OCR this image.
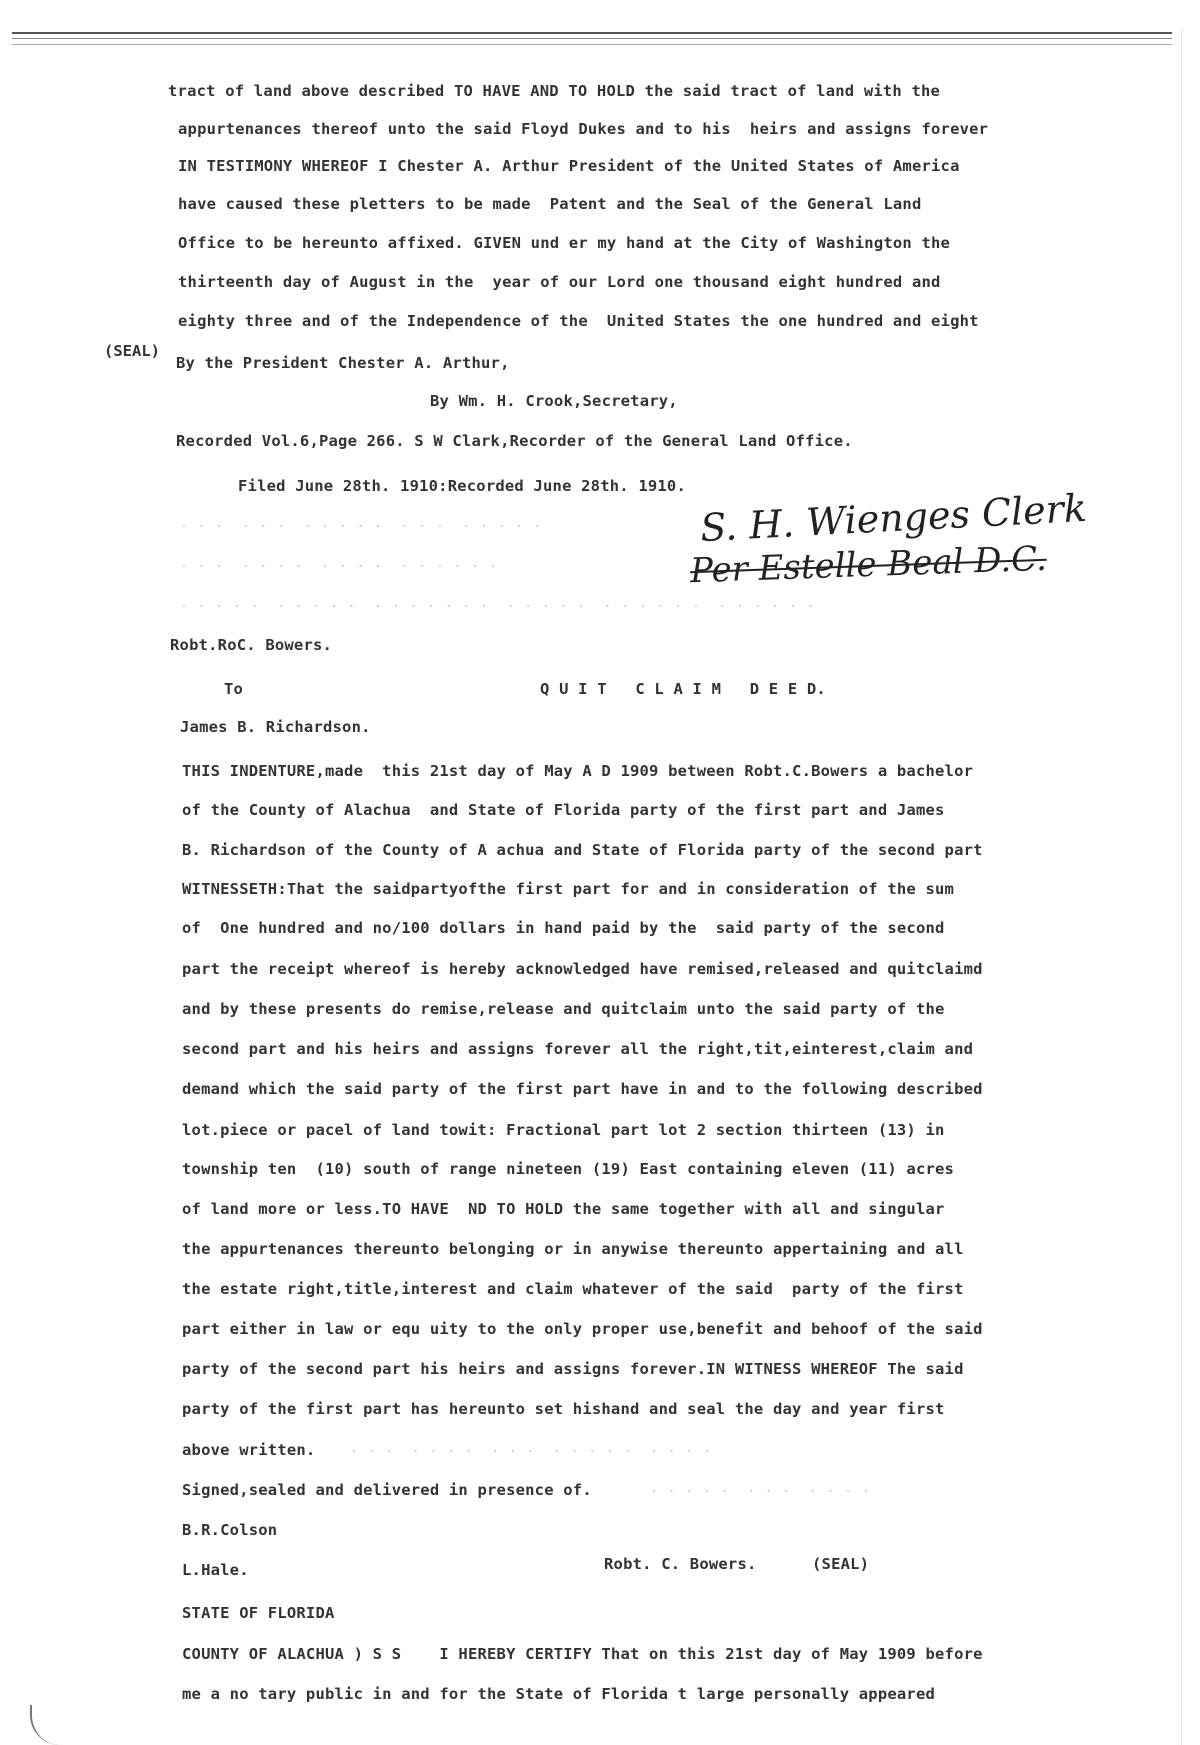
(SEAL)
tract of land above described TO HAVE AND TO HOLD the said tract of land with the
appurtenances thereof unto the said Floyd Dukes and to his  heirs and assigns forever
IN TESTIMONY WHEREOF I Chester A. Arthur President of the United States of America
have caused these pletters to be made  Patent and the Seal of the General Land
Office to be hereunto affixed. GIVEN und er my hand at the City of Washington the
thirteenth day of August in the  year of our Lord one thousand eight hundred and
eighty three and of the Independence of the  United States the one hundred and eight
By the President Chester A. Arthur,
By Wm. H. Crook,Secretary,
Recorded Vol.6,Page 266. S W Clark,Recorder of the General Land Office.
Filed June 28th. 1910:Recorded June 28th. 1910.
. . .  . . .  . . . . .  . . .  . . . . .
. . .  . . . .  . . . .  . . . . . .
. . . . .  . . . . .  . . . . . . .  . . . . .  . . . . . .  . . . . . .
S. H. Wienges Clerk
Per Estelle Beal D.C.
Robt.RoC. Bowers.
To	Q U I T   C L A I M   D E E D.
James B. Richardson.
THIS INDENTURE,made  this 21st day of May A D 1909 between Robt.C.Bowers a bachelor
of the County of Alachua  and State of Florida party of the first part and James
B. Richardson of the County of A achua and State of Florida party of the second part
WITNESSETH:That the saidpartyofthe first part for and in consideration of the sum
of  One hundred and no/100 dollars in hand paid by the  said party of the second
part the receipt whereof is hereby acknowledged have remised,released and quitclaimd
and by these presents do remise,release and quitclaim unto the said party of the
second part and his heirs and assigns forever all the right,tit,einterest,claim and
demand which the said party of the first part have in and to the following described
lot.piece or pacel of land towit: Fractional part lot 2 section thirteen (13) in
township ten  (10) south of range nineteen (19) East containing eleven (11) acres
of land more or less.TO HAVE  ND TO HOLD the same together with all and singular
the appurtenances thereunto belonging or in anywise thereunto appertaining and all
the estate right,title,interest and claim whatever of the said  party of the first
part either in law or equ uity to the only proper use,benefit and behoof of the said
party of the second part his heirs and assigns forever.IN WITNESS WHEREOF The said
party of the first part has hereunto set hishand and seal the day and year first
above written.
Signed,sealed and delivered in presence of.
. . .  . . . .  . . .  . . . . .  . . . .
. . . . .  . . .  . . . .
B.R.Colson
L.Hale.	Robt. C. Bowers.	(SEAL)
STATE OF FLORIDA
COUNTY OF ALACHUA ) S S    I HEREBY CERTIFY That on this 21st day of May 1909 before
me a no tary public in and for the State of Florida t large personally appeared
